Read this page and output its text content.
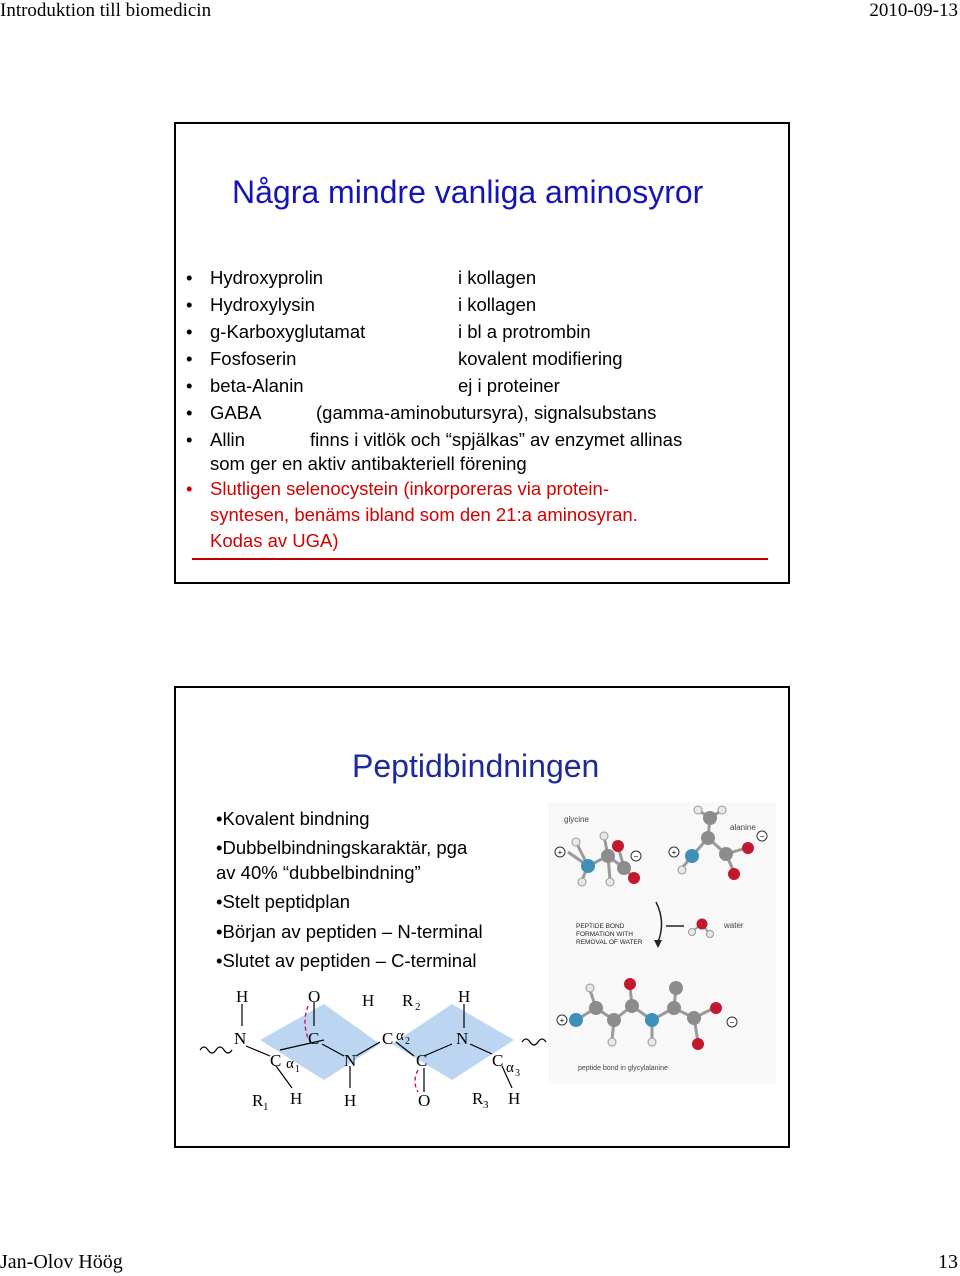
Introduktion till biomedicin	2010-09-13
Några mindre vanliga aminosyror
• Hydroxyprolin	i kollagen
• Hydroxylysin	i kollagen
• g-Karboxyglutamat	i bl a protrombin
• Fosfoserin	kovalent modifiering
• beta-Alanin	ej i proteiner
• GABA	(gamma-aminobutursyra), signalsubstans
• Allin	finns i vitlök och “spjälkas” av enzymet allinas
som ger en aktiv antibakteriell förening
• Slutligen selenocystein (inkorporeras via protein-
syntesen, benäms ibland som den 21:a aminosyran.
Kodas av UGA)
Peptidbindningen
•Kovalent bindning
•Dubbelbindningskaraktär, pga
av 40% “dubbelbindning”
•Stelt peptidplan
•Början av peptiden – N-terminal
•Slutet av peptiden – C-terminal
glycine
+	−
alanine
+
−
PEPTIDE BOND
FORMATION WITH
REMOVAL OF WATER
water
+	−
peptide bond in glycylalanine
H	O H R 2
H
N
C
C
α 1	N
C α 2
C
N
C α 3
R 1 H H	O R 3 H
Jan-Olov Höög	13
